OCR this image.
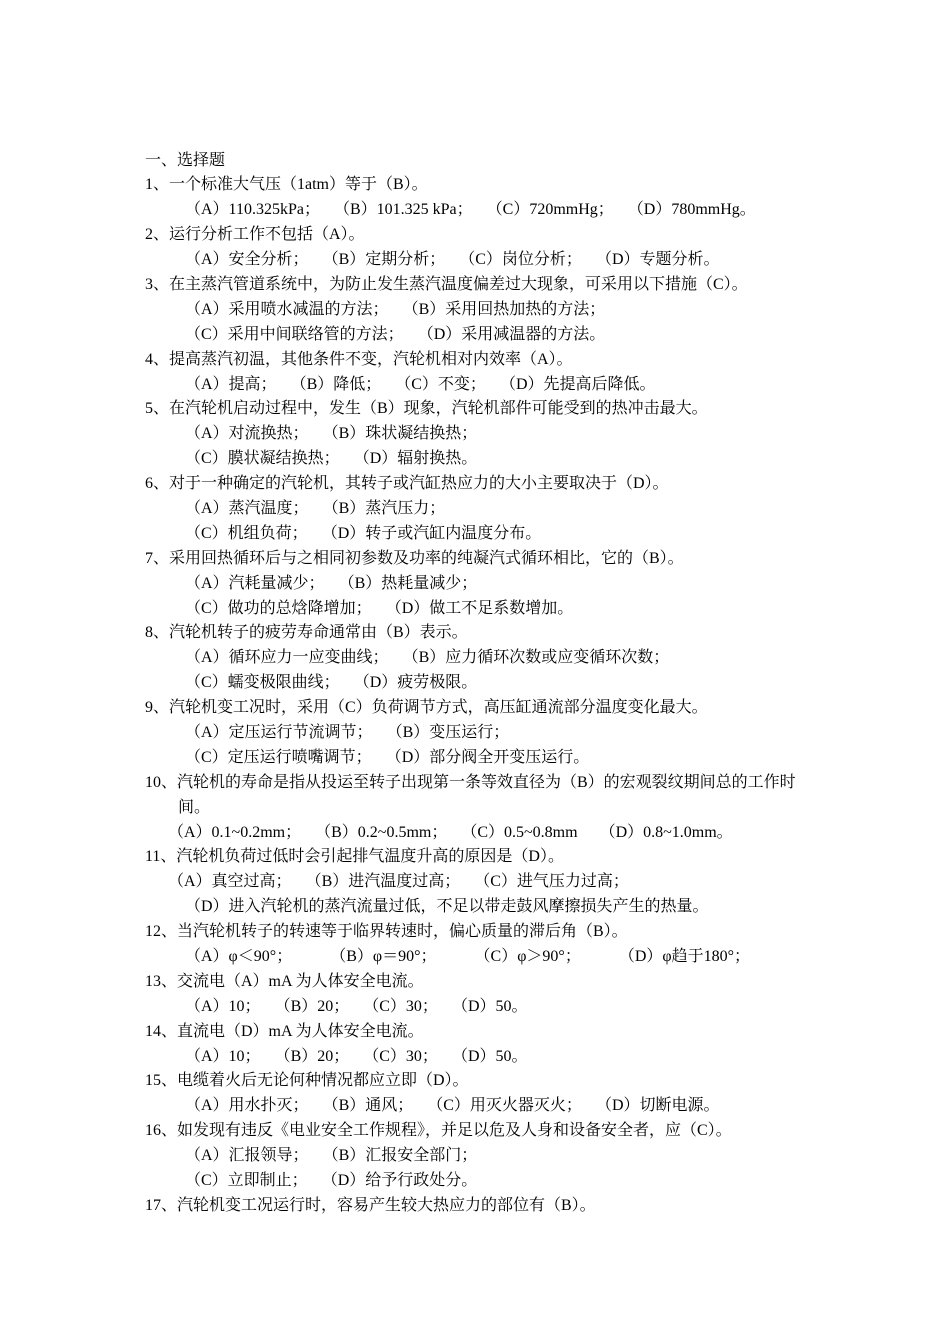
一、选择题
1、一个标准大气压（1atm）等于（B）。
（A）110.325kPa； （B）101.325 kPa； （C）720mmHg； （D）780mmHg。
2、运行分析工作不包括（A）。
（A）安全分析； （B）定期分析； （C）岗位分析； （D）专题分析。
3、在主蒸汽管道系统中，为防止发生蒸汽温度偏差过大现象，可采用以下措施（C）。
（A）采用喷水减温的方法； （B）采用回热加热的方法；
（C）采用中间联络管的方法； （D）采用减温器的方法。
4、提高蒸汽初温，其他条件不变，汽轮机相对内效率（A）。
（A）提高； （B）降低； （C）不变； （D）先提高后降低。
5、在汽轮机启动过程中，发生（B）现象，汽轮机部件可能受到的热冲击最大。
（A）对流换热； （B）珠状凝结换热；
（C）膜状凝结换热； （D）辐射换热。
6、对于一种确定的汽轮机，其转子或汽缸热应力的大小主要取决于（D）。
（A）蒸汽温度； （B）蒸汽压力；
（C）机组负荷； （D）转子或汽缸内温度分布。
7、采用回热循环后与之相同初参数及功率的纯凝汽式循环相比，它的（B）。
（A）汽耗量减少； （B）热耗量减少；
（C）做功的总焓降增加； （D）做工不足系数增加。
8、汽轮机转子的疲劳寿命通常由（B）表示。
（A）循环应力一应变曲线； （B）应力循环次数或应变循环次数；
（C）蠕变极限曲线； （D）疲劳极限。
9、汽轮机变工况时，采用（C）负荷调节方式，高压缸通流部分温度变化最大。
（A）定压运行节流调节； （B）变压运行；
（C）定压运行喷嘴调节； （D）部分阀全开变压运行。
10、汽轮机的寿命是指从投运至转子出现第一条等效直径为（B）的宏观裂纹期间总的工作时
间。
（A）0.1~0.2mm； （B）0.2~0.5mm； （C）0.5~0.8mm （D）0.8~1.0mm。
11、汽轮机负荷过低时会引起排气温度升高的原因是（D）。
（A）真空过高； （B）进汽温度过高； （C）进气压力过高；
（D）进入汽轮机的蒸汽流量过低，不足以带走鼓风摩擦损失产生的热量。
12、当汽轮机转子的转速等于临界转速时，偏心质量的滞后角（B）。
（A）φ＜90°；	（B）φ＝90°；	（C）φ＞90°；	（D）φ趋于180°；
13、交流电（A）mA 为人体安全电流。
（A）10； （B）20； （C）30； （D）50。
14、直流电（D）mA 为人体安全电流。
（A）10； （B）20； （C）30； （D）50。
15、电缆着火后无论何种情况都应立即（D）。
（A）用水扑灭； （B）通风； （C）用灭火器灭火； （D）切断电源。
16、如发现有违反《电业安全工作规程》，并足以危及人身和设备安全者，应（C）。
（A）汇报领导； （B）汇报安全部门；
（C）立即制止； （D）给予行政处分。
17、汽轮机变工况运行时，容易产生较大热应力的部位有（B）。
